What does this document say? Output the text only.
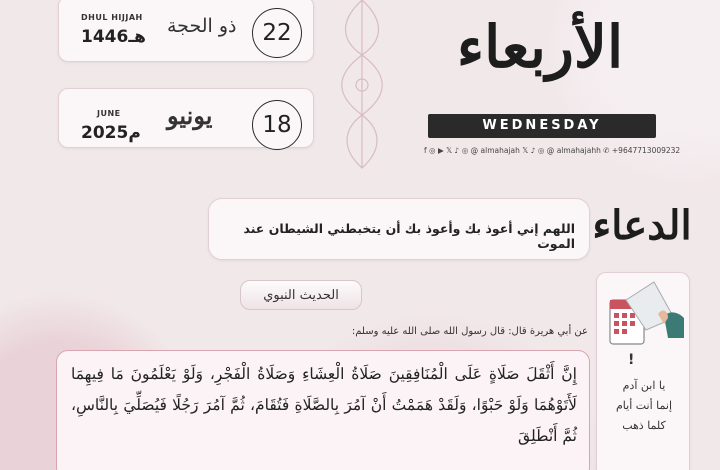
DHUL HIJJAH
1446هـ ذو الحجة 22
JUNE
2025م
يونيو 18
الأربعاء
WEDNESDAY
f ◎ ▶ 𝕏 ♪ ◎ @ almahajah 𝕏 ♪ ◎ @ almahajahh ✆ +9647713009232
الدعاء
اللهم إني أعوذ بك وأعوذ بك أن يتخبطني الشيطان عند الموت
الحديث النبوي
عن أبي هريرة قال: قال رسول الله صلى الله عليه وسلم:
إِنَّ أَثْقَلَ صَلَاةٍ عَلَى الْمُنَافِقِينَ صَلَاةُ الْعِشَاءِ وَصَلَاةُ الْفَجْرِ، وَلَوْ يَعْلَمُونَ مَا فِيهِمَا لَأَتَوْهُمَا وَلَوْ حَبْوًا، وَلَقَدْ هَمَمْتُ أَنْ آمُرَ بِالصَّلَاةِ فَتُقَامَ، ثُمَّ آمُرَ رَجُلًا فَيُصَلِّيَ بِالنَّاسِ، ثُمَّ أَنْطَلِقَ
!
يا ابن آدم
إنما أنت أيام
كلما ذهب
